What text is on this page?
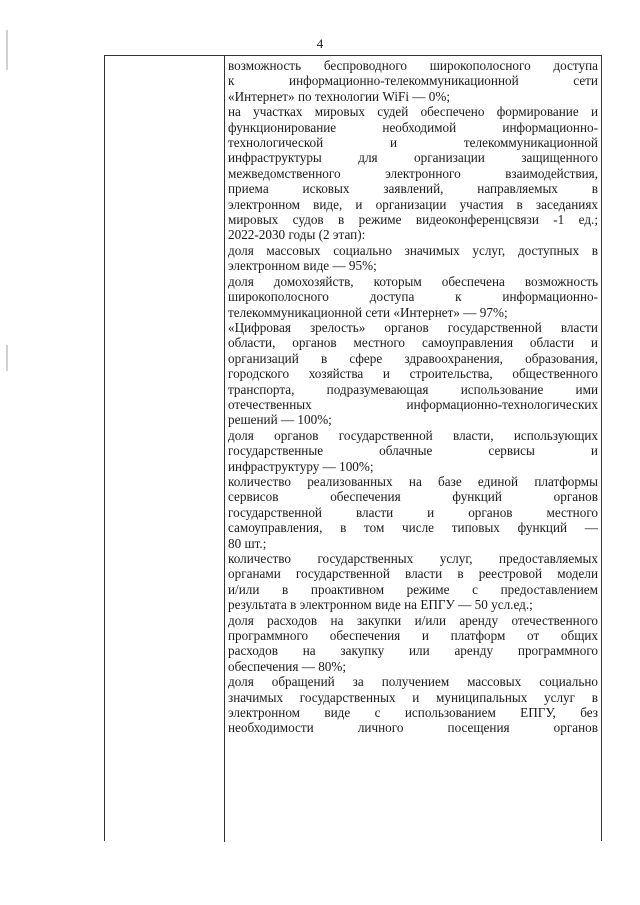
4
возможность беспроводного широкополосного доступа
к информационно-телекоммуникационной сети
«Интернет» по технологии WiFi — 0%;
на участках мировых судей обеспечено формирование и
функционирование необходимой информационно-
технологической и телекоммуникационной
инфраструктуры для организации защищенного
межведомственного электронного взаимодействия,
приема исковых заявлений, направляемых в
электронном виде, и организации участия в заседаниях
мировых судов в режиме видеоконференцсвязи -1 ед.;
2022-2030 годы (2 этап):
доля массовых социально значимых услуг, доступных в
электронном виде — 95%;
доля домохозяйств, которым обеспечена возможность
широкополосного доступа к информационно-
телекоммуникационной сети «Интернет» — 97%;
«Цифровая зрелость» органов государственной власти
области, органов местного самоуправления области и
организаций в сфере здравоохранения, образования,
городского хозяйства и строительства, общественного
транспорта, подразумевающая использование ими
отечественных информационно-технологических
решений — 100%;
доля органов государственной власти, использующих
государственные облачные сервисы и
инфраструктуру — 100%;
количество реализованных на базе единой платформы
сервисов обеспечения функций органов
государственной власти и органов местного
самоуправления, в том числе типовых функций —
80 шт.;
количество государственных услуг, предоставляемых
органами государственной власти в реестровой модели
и/или в проактивном режиме с предоставлением
результата в электронном виде на ЕПГУ — 50 усл.ед.;
доля расходов на закупки и/или аренду отечественного
программного обеспечения и платформ от общих
расходов на закупку или аренду программного
обеспечения — 80%;
доля обращений за получением массовых социально
значимых государственных и муниципальных услуг в
электронном виде с использованием ЕПГУ, без
необходимости личного посещения органов
